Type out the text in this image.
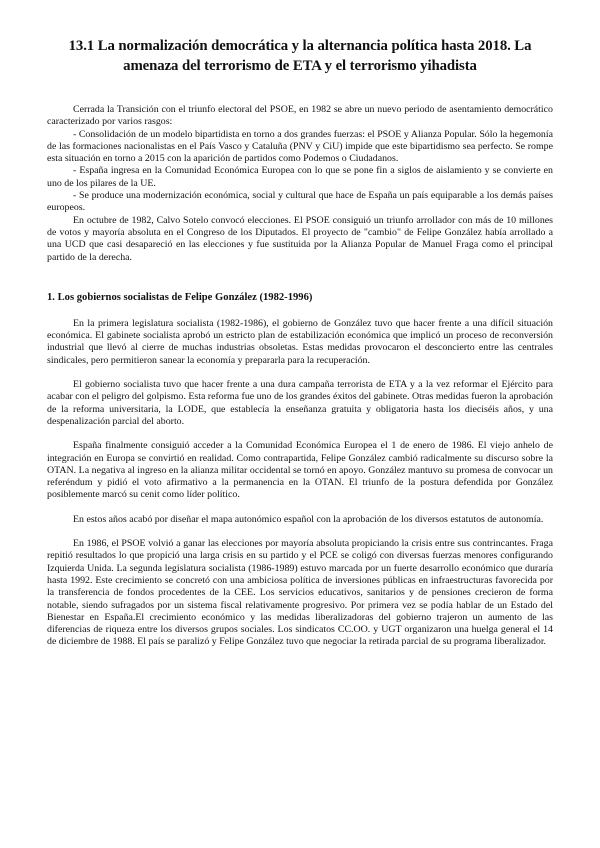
13.1 La normalización democrática y la alternancia política hasta 2018. La amenaza del terrorismo de ETA y el terrorismo yihadista

Cerrada la Transición con el triunfo electoral del PSOE, en 1982 se abre un nuevo periodo de asentamiento democrático caracterizado por varios rasgos:

- Consolidación de un modelo bipartidista en torno a dos grandes fuerzas: el PSOE y Alianza Popular. Sólo la hegemonía de las formaciones nacionalistas en el País Vasco y Cataluña (PNV y CiU) impide que este bipartidismo sea perfecto. Se rompe esta situación en torno a 2015 con la aparición de partidos como Podemos o Ciudadanos.

- España ingresa en la Comunidad Económica Europea con lo que se pone fin a siglos de aislamiento y se convierte en uno de los pilares de la UE.

- Se produce una modernización económica, social y cultural que hace de España un país equiparable a los demás países europeos.

En octubre de 1982, Calvo Sotelo convocó elecciones. El PSOE consiguió un triunfo arrollador con más de 10 millones de votos y mayoría absoluta en el Congreso de los Diputados. El proyecto de "cambio" de Felipe González había arrollado a una UCD que casi desapareció en las elecciones y fue sustituida por la Alianza Popular de Manuel Fraga como el principal partido de la derecha.

1. Los gobiernos socialistas de Felipe González (1982-1996)

En la primera legislatura socialista (1982-1986), el gobierno de González tuvo que hacer frente a una difícil situación económica. El gabinete socialista aprobó un estricto plan de estabilización económica que implicó un proceso de reconversión industrial que llevó al cierre de muchas industrias obsoletas. Estas medidas provocaron el desconcierto entre las centrales sindicales, pero permitieron sanear la economía y prepararla para la recuperación.

El gobierno socialista tuvo que hacer frente a una dura campaña terrorista de ETA y a la vez reformar el Ejército para acabar con el peligro del golpismo. Esta reforma fue uno de los grandes éxitos del gabinete. Otras medidas fueron la aprobación de la reforma universitaria, la LODE, que establecía la enseñanza gratuita y obligatoria hasta los dieciséis años, y una despenalización parcial del aborto.

España finalmente consiguió acceder a la Comunidad Económica Europea el 1 de enero de 1986. El viejo anhelo de integración en Europa se convirtió en realidad. Como contrapartida, Felipe González cambió radicalmente su discurso sobre la OTAN. La negativa al ingreso en la alianza militar occidental se tornó en apoyo. González mantuvo su promesa de convocar un referéndum y pidió el voto afirmativo a la permanencia en la OTAN. El triunfo de la postura defendida por González posiblemente marcó su cenit como líder político.

En estos años acabó por diseñar el mapa autonómico español con la aprobación de los diversos estatutos de autonomía.

En 1986, el PSOE volvió a ganar las elecciones por mayoría absoluta propiciando la crisis entre sus contrincantes. Fraga repitió resultados lo que propició una larga crisis en su partido y el PCE se coligó con diversas fuerzas menores configurando Izquierda Unida. La segunda legislatura socialista (1986-1989) estuvo marcada por un fuerte desarrollo económico que duraría hasta 1992. Este crecimiento se concretó con una ambiciosa política de inversiones públicas en infraestructuras favorecida por la transferencia de fondos procedentes de la CEE. Los servicios educativos, sanitarios y de pensiones crecieron de forma notable, siendo sufragados por un sistema fiscal relativamente progresivo. Por primera vez se podía hablar de un Estado del Bienestar en España.El crecimiento económico y las medidas liberalizadoras del gobierno trajeron un aumento de las diferencias de riqueza entre los diversos grupos sociales. Los sindicatos CC.OO. y UGT organizaron una huelga general el 14 de diciembre de 1988. El país se paralizó y Felipe González tuvo que negociar la retirada parcial de su programa liberalizador.
